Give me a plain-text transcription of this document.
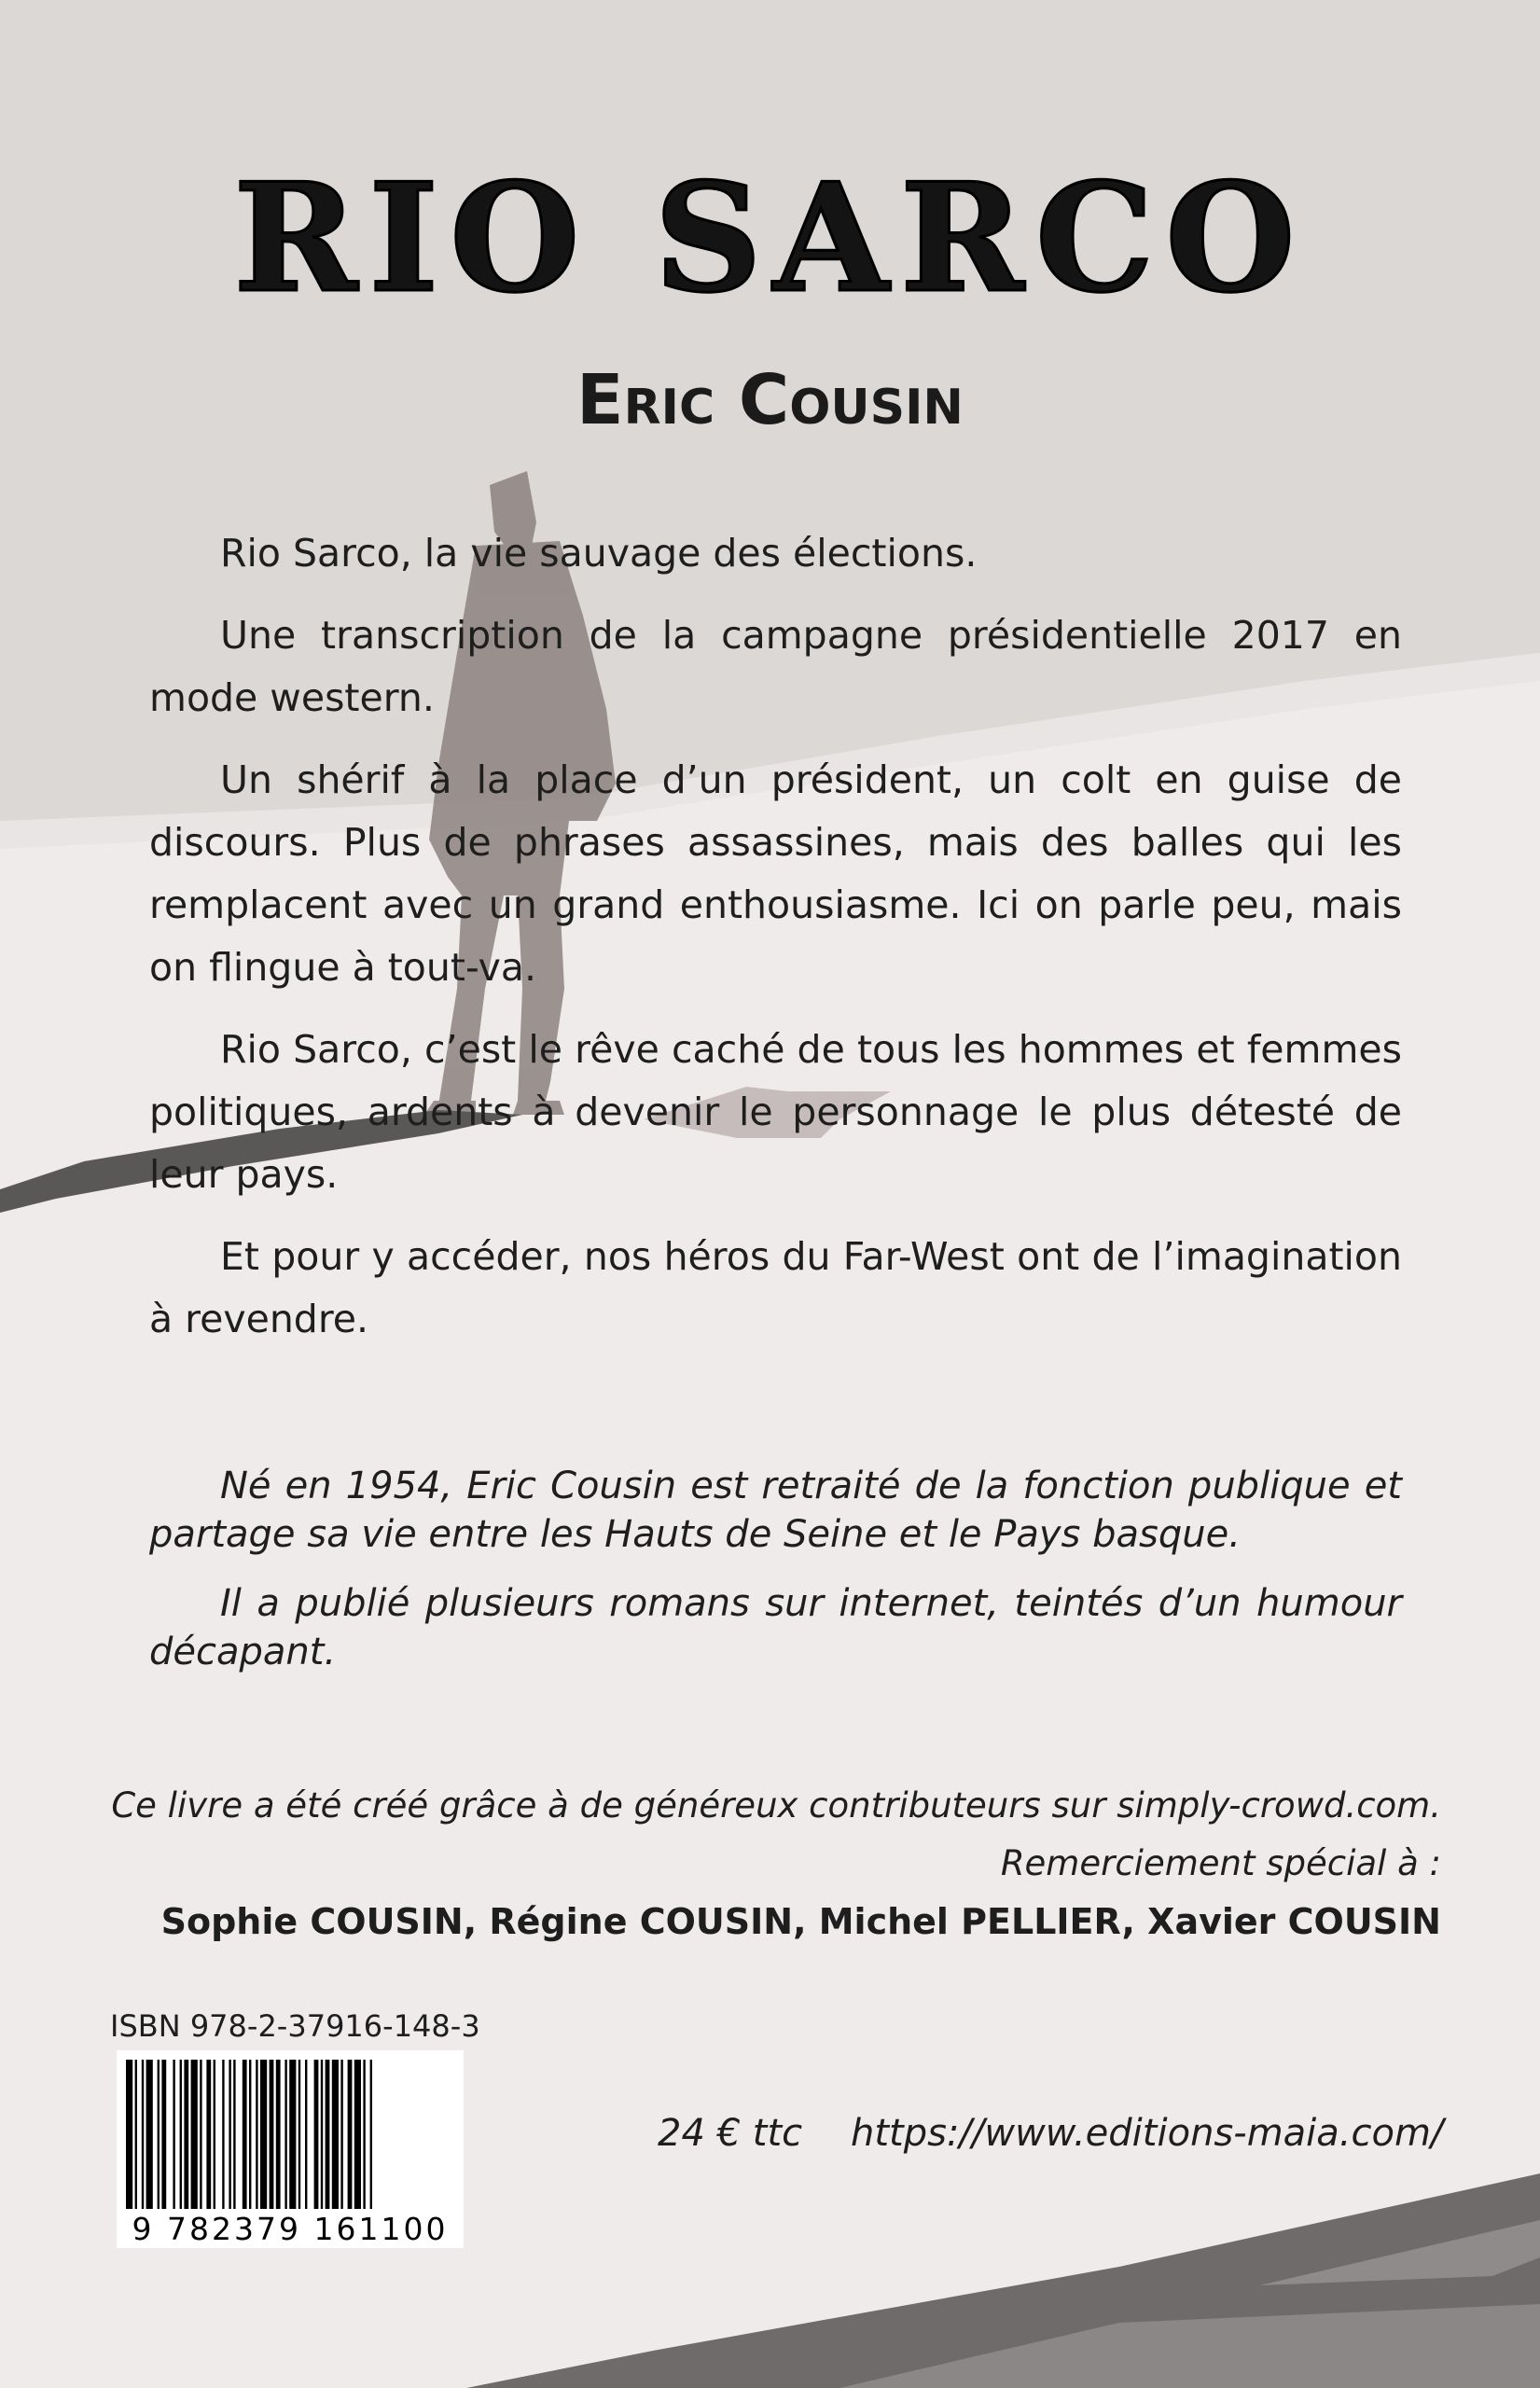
RIO SARCO
Eric Cousin

Rio Sarco, la vie sauvage des élections.

Une transcription de la campagne présidentielle 2017 en mode western.

Un shérif à la place d’un président, un colt en guise de discours. Plus de phrases assassines, mais des balles qui les remplacent avec un grand enthousiasme. Ici on parle peu, mais on flingue à tout-va.

Rio Sarco, c’est le rêve caché de tous les hommes et femmes politiques, ardents à devenir le personnage le plus détesté de leur pays.

Et pour y accéder, nos héros du Far-West ont de l’imagination à revendre.

Né en 1954, Eric Cousin est retraité de la fonction publique et partage sa vie entre les Hauts de Seine et le Pays basque.

Il a publié plusieurs romans sur internet, teintés d’un humour décapant.

Ce livre a été créé grâce à de généreux contributeurs sur simply-crowd.com.
Remerciement spécial à :
Sophie COUSIN, Régine COUSIN, Michel PELLIER, Xavier COUSIN
ISBN 978-2-37916-148-3
9 782379 161100
24 € ttc https://www.editions-maia.com/
